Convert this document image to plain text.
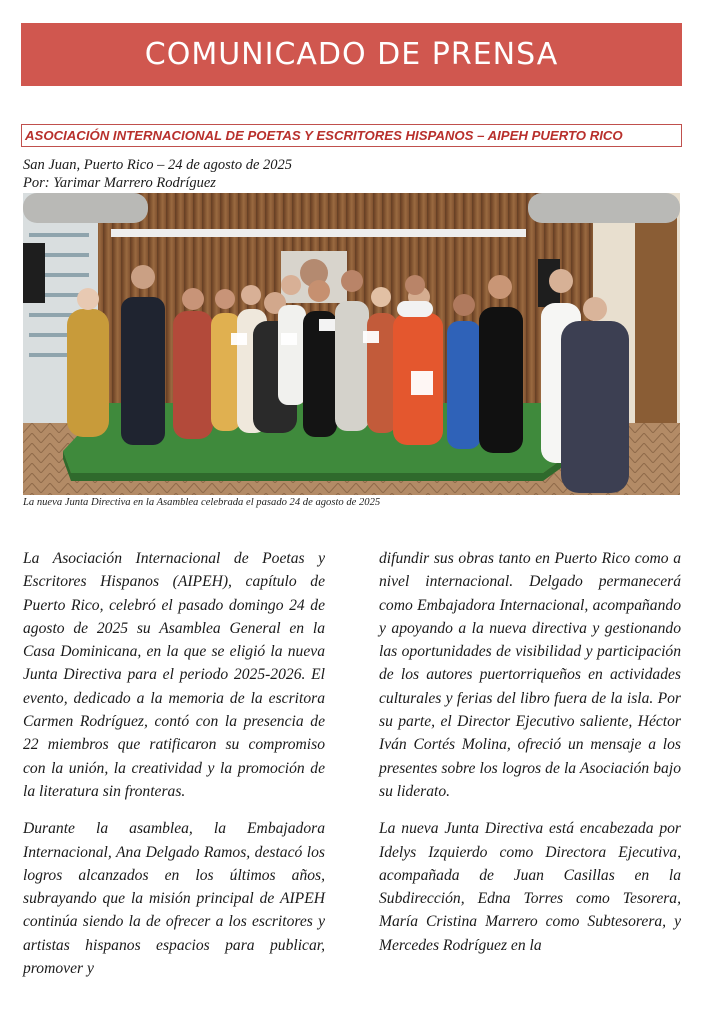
COMUNICADO DE PRENSA
ASOCIACIÓN INTERNACIONAL DE POETAS Y ESCRITORES HISPANOS – AIPEH PUERTO RICO
San Juan, Puerto Rico – 24 de agosto de 2025
Por: Yarimar Marrero Rodríguez
La nueva Junta Directiva en la Asamblea celebrada el pasado 24 de agosto de 2025

La Asociación Internacional de Poetas y Escritores Hispanos (AIPEH), capítulo de Puerto Rico, celebró el pasado domingo 24 de agosto de 2025 su Asamblea General en la Casa Dominicana, en la que se eligió la nueva Junta Directiva para el periodo 2025-2026. El evento, dedicado a la memoria de la escritora Carmen Rodríguez, contó con la presencia de 22 miembros que ratificaron su compromiso con la unión, la creatividad y la promoción de la literatura sin fronteras.

Durante la asamblea, la Embajadora Internacional, Ana Delgado Ramos, destacó los logros alcanzados en los últimos años, subrayando que la misión principal de AIPEH continúa siendo la de ofrecer a los escritores y artistas hispanos espacios para publicar, promover y

difundir sus obras tanto en Puerto Rico como a nivel internacional. Delgado permanecerá como Embajadora Internacional, acompañando y apoyando a la nueva directiva y gestionando las oportunidades de visibilidad y participación de los autores puertorriqueños en actividades culturales y ferias del libro fuera de la isla. Por su parte, el Director Ejecutivo saliente, Héctor Iván Cortés Molina, ofreció un mensaje a los presentes sobre los logros de la Asociación bajo su liderato.

La nueva Junta Directiva está encabezada por Idelys Izquierdo como Directora Ejecutiva, acompañada de Juan Casillas en la Subdirección, Edna Torres como Tesorera, María Cristina Marrero como Subtesorera, y Mercedes Rodríguez en la
